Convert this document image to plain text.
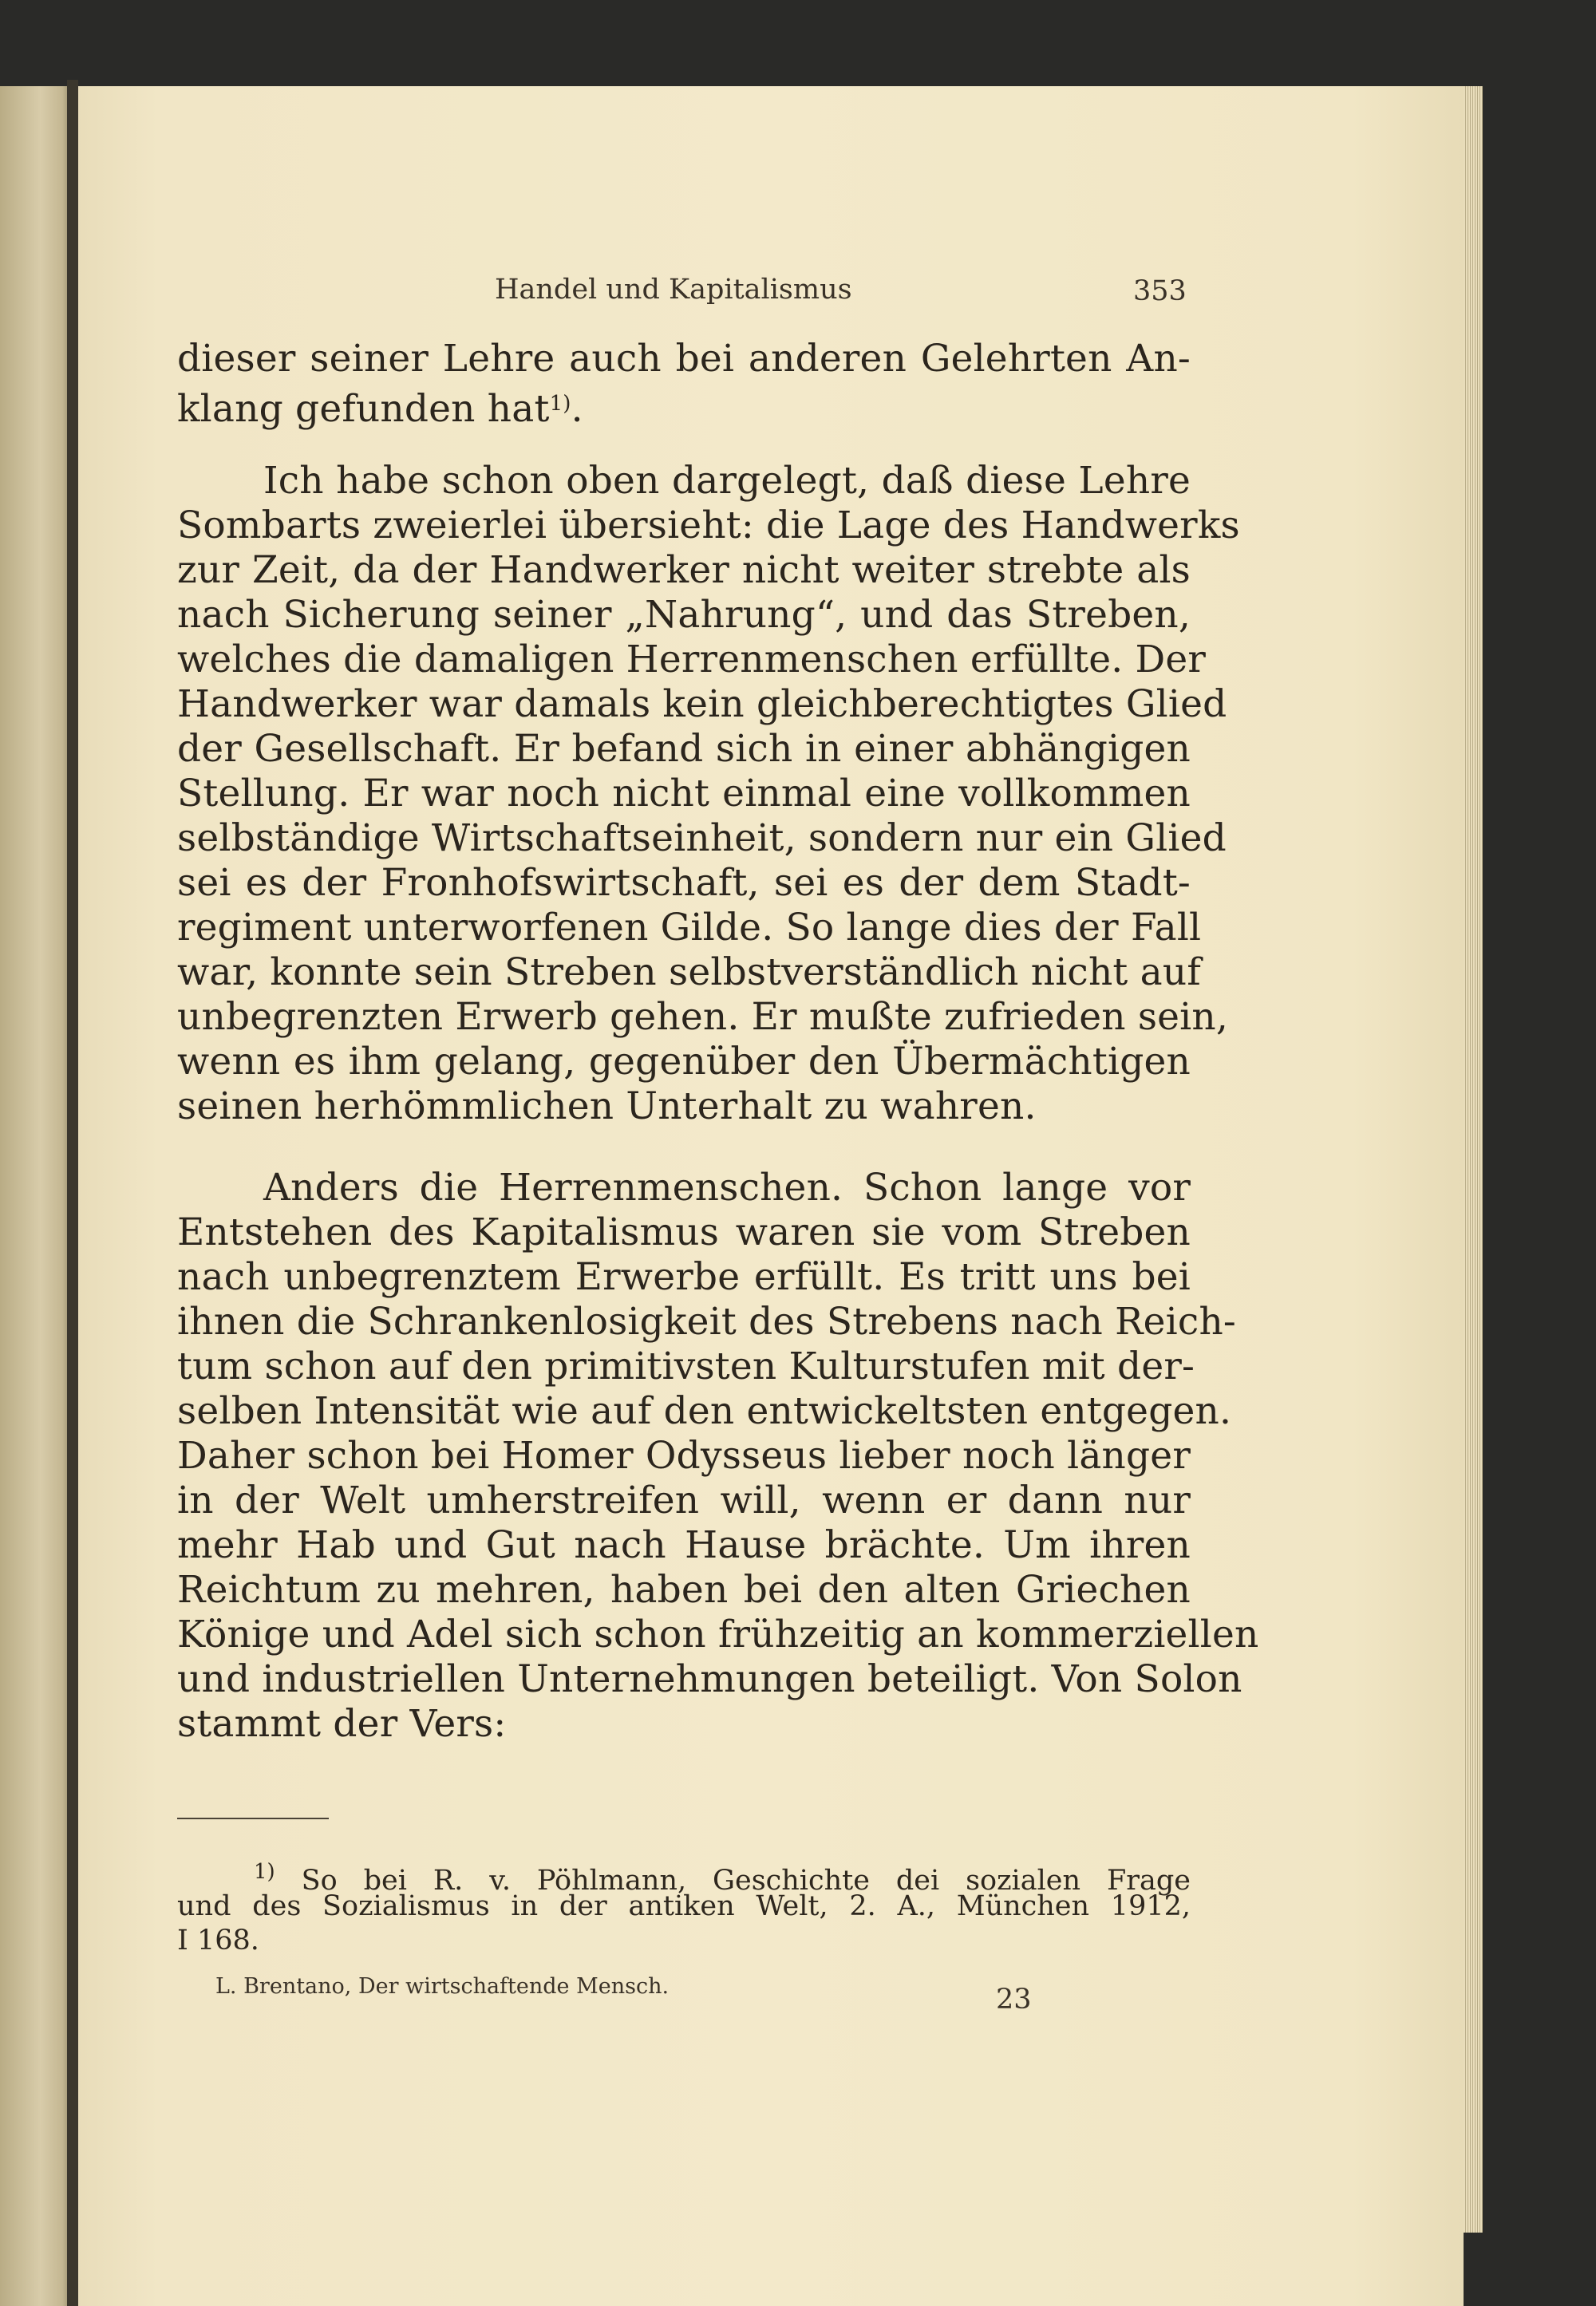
Handel und Kapitalismus	353
dieser seiner Lehre auch bei anderen Gelehrten An-
klang gefunden hat$^{1)}$.
Ich habe schon oben dargelegt, daß diese Lehre
Sombarts zweierlei übersieht: die Lage des Handwerks
zur Zeit, da der Handwerker nicht weiter strebte als
nach Sicherung seiner „Nahrung“, und das Streben,
welches die damaligen Herrenmenschen erfüllte. Der
Handwerker war damals kein gleichberechtigtes Glied
der Gesellschaft. Er befand sich in einer abhängigen
Stellung. Er war noch nicht einmal eine vollkommen
selbständige Wirtschaftseinheit, sondern nur ein Glied
sei es der Fronhofswirtschaft, sei es der dem Stadt-
regiment unterworfenen Gilde. So lange dies der Fall
war, konnte sein Streben selbstverständlich nicht auf
unbegrenzten Erwerb gehen. Er mußte zufrieden sein,
wenn es ihm gelang, gegenüber den Übermächtigen
seinen herhömmlichen Unterhalt zu wahren.
Anders die Herrenmenschen. Schon lange vor
Entstehen des Kapitalismus waren sie vom Streben
nach unbegrenztem Erwerbe erfüllt. Es tritt uns bei
ihnen die Schrankenlosigkeit des Strebens nach Reich-
tum schon auf den primitivsten Kulturstufen mit der-
selben Intensität wie auf den entwickeltsten entgegen.
Daher schon bei Homer Odysseus lieber noch länger
in der Welt umherstreifen will, wenn er dann nur
mehr Hab und Gut nach Hause brächte. Um ihren
Reichtum zu mehren, haben bei den alten Griechen
Könige und Adel sich schon frühzeitig an kommerziellen
und industriellen Unternehmungen beteiligt. Von Solon
stammt der Vers:
$^{1)}$ So bei R. v. Pöhlmann, Geschichte dei sozialen Frage
und des Sozialismus in der antiken Welt, 2. A., München 1912,
I 168.
L. Brentano, Der wirtschaftende Mensch.	23
